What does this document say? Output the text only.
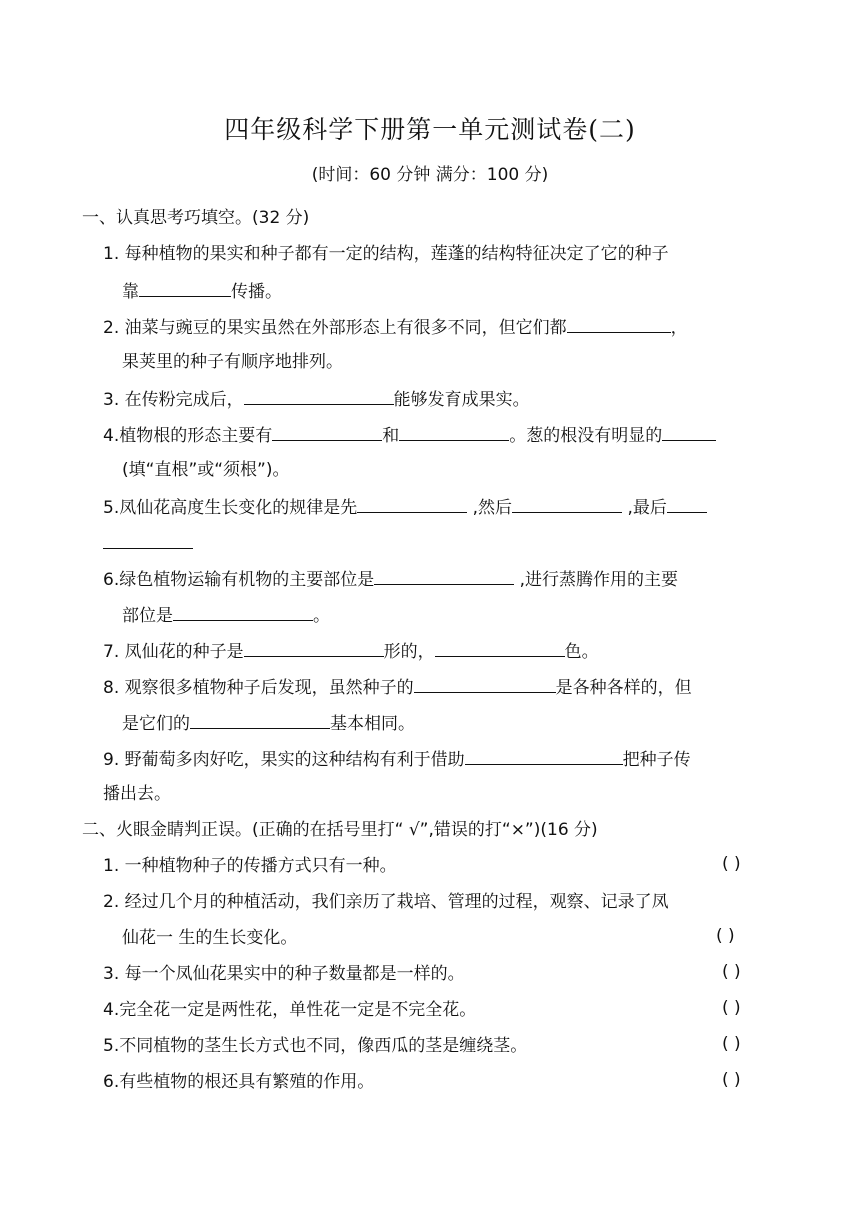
四年级科学下册第一单元测试卷(二)
(时间：60 分钟 满分：100 分)
一、认真思考巧填空。(32 分)
1. 每种植物的果实和种子都有一定的结构，莲蓬的结构特征决定了它的种子
靠	传播。
2. 油菜与豌豆的果实虽然在外部形态上有很多不同，但它们都	，
果荚里的种子有顺序地排列。
3. 在传粉完成后，	能够发育成果实。
4.植物根的形态主要有	和	。葱的根没有明显的
(填“直根”或“须根”)。
5.凤仙花高度生长变化的规律是先	,然后	,最后
6.绿色植物运输有机物的主要部位是	,进行蒸腾作用的主要
部位是	。
7. 凤仙花的种子是	形的，	色。
8. 观察很多植物种子后发现，虽然种子的	是各种各样的，但
是它们的	基本相同。
9. 野葡萄多肉好吃，果实的这种结构有利于借助	把种子传
播出去。
二、火眼金睛判正误。(正确的在括号里打“ √”,错误的打“×”)(16 分)
1. 一种植物种子的传播方式只有一种。	( )
2. 经过几个月的种植活动，我们亲历了栽培、管理的过程，观察、记录了凤
仙花一 生的生长变化。	( )
3. 每一个凤仙花果实中的种子数量都是一样的。	( )
4.完全花一定是两性花，单性花一定是不完全花。	( )
5.不同植物的茎生长方式也不同，像西瓜的茎是缠绕茎。	( )
6.有些植物的根还具有繁殖的作用。	( )
